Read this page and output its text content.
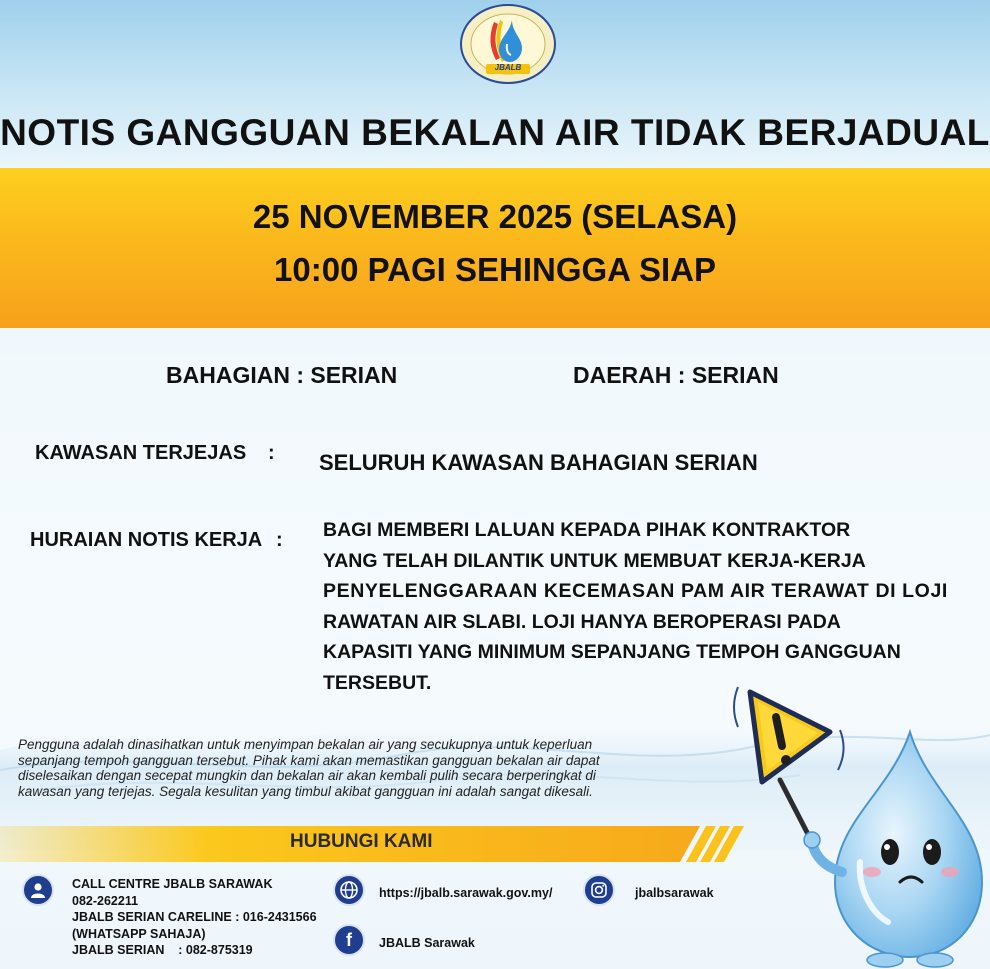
JBALB
NOTIS GANGGUAN BEKALAN AIR TIDAK BERJADUAL
25 NOVEMBER 2025 (SELASA)
10:00 PAGI SEHINGGA SIAP
BAHAGIAN : SERIAN	DAERAH : SERIAN
KAWASAN TERJEJAS : SELURUH KAWASAN BAHAGIAN SERIAN
HURAIAN NOTIS KERJA : BAGI MEMBERI LALUAN KEPADA PIHAK KONTRAKTOR
YANG TELAH DILANTIK UNTUK MEMBUAT KERJA-KERJA
PENYELENGGARAAN KECEMASAN PAM AIR TERAWAT DI LOJI
RAWATAN AIR SLABI. LOJI HANYA BEROPERASI PADA
KAPASITI YANG MINIMUM SEPANJANG TEMPOH GANGGUAN
TERSEBUT.
Pengguna adalah dinasihatkan untuk menyimpan bekalan air yang secukupnya untuk keperluan
sepanjang tempoh gangguan tersebut. Pihak kami akan memastikan gangguan bekalan air dapat
diselesaikan dengan secepat mungkin dan bekalan air akan kembali pulih secara berperingkat di
kawasan yang terjejas. Segala kesulitan yang timbul akibat gangguan ini adalah sangat dikesali.
HUBUNGI KAMI
CALL CENTRE JBALB SARAWAK
082-262211
JBALB SERIAN CARELINE : 016-2431566
(WHATSAPP SAHAJA)
JBALB SERIAN    : 082-875319
https://jbalb.sarawak.gov.my/
f JBALB Sarawak
jbalbsarawak
